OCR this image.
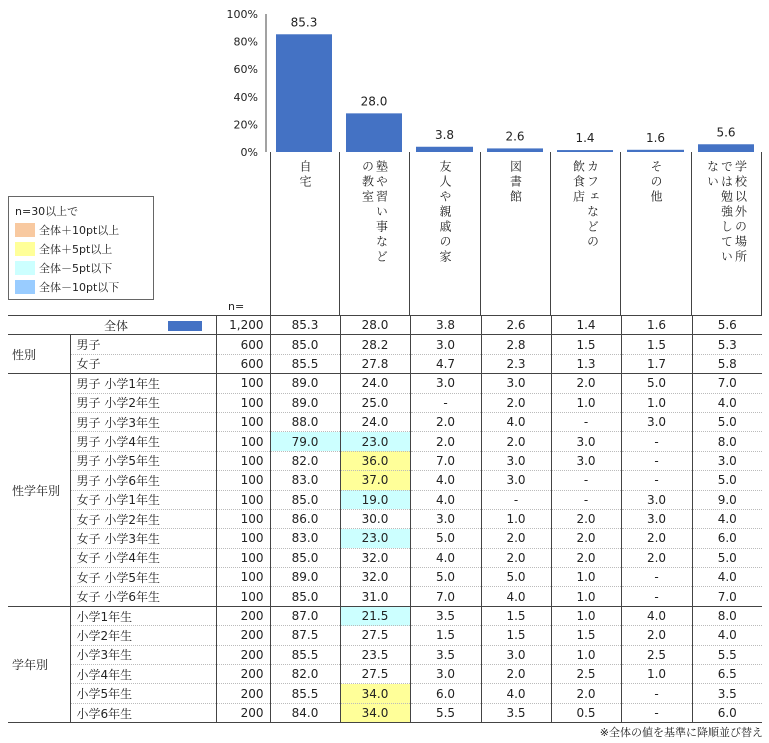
0%
20%
40%
60%
80%
100%
85.3
28.0
3.8	2.6	1.4	1.6	5.6
自宅	塾や習い事など
の教室	友人や親戚の家	図書館	カフェなどの
飲食店	その他	学校以外の場所
では勉強してい
ない
n=30以上で
全体＋10pt以上
全体＋5pt以上
全体－5pt以下
全体－10pt以下
n=
全体		1,200	85.3	28.0	3.8	2.6	1.4	1.6	5.6
性別	男子	600	85.0	28.2	3.0	2.8	1.5	1.5	5.3
	女子	600	85.5	27.8	4.7	2.3	1.3	1.7	5.8
性学年別	男子 小学1年生	100	89.0	24.0	3.0	3.0	2.0	5.0	7.0
	男子 小学2年生	100	89.0	25.0	-	2.0	1.0	1.0	4.0
	男子 小学3年生	100	88.0	24.0	2.0	4.0	-	3.0	5.0
	男子 小学4年生	100	79.0	23.0	2.0	2.0	3.0	-	8.0
	男子 小学5年生	100	82.0	36.0	7.0	3.0	3.0	-	3.0
	男子 小学6年生	100	83.0	37.0	4.0	3.0	-	-	5.0
	女子 小学1年生	100	85.0	19.0	4.0	-	-	3.0	9.0
	女子 小学2年生	100	86.0	30.0	3.0	1.0	2.0	3.0	4.0
	女子 小学3年生	100	83.0	23.0	5.0	2.0	2.0	2.0	6.0
	女子 小学4年生	100	85.0	32.0	4.0	2.0	2.0	2.0	5.0
	女子 小学5年生	100	89.0	32.0	5.0	5.0	1.0	-	4.0
	女子 小学6年生	100	85.0	31.0	7.0	4.0	1.0	-	7.0
学年別	小学1年生	200	87.0	21.5	3.5	1.5	1.0	4.0	8.0
	小学2年生	200	87.5	27.5	1.5	1.5	1.5	2.0	4.0
	小学3年生	200	85.5	23.5	3.5	3.0	1.0	2.5	5.5
	小学4年生	200	82.0	27.5	3.0	2.0	2.5	1.0	6.5
	小学5年生	200	85.5	34.0	6.0	4.0	2.0	-	3.5
	小学6年生	200	84.0	34.0	5.5	3.5	0.5	-	6.0
※全体の値を基準に降順並び替え
